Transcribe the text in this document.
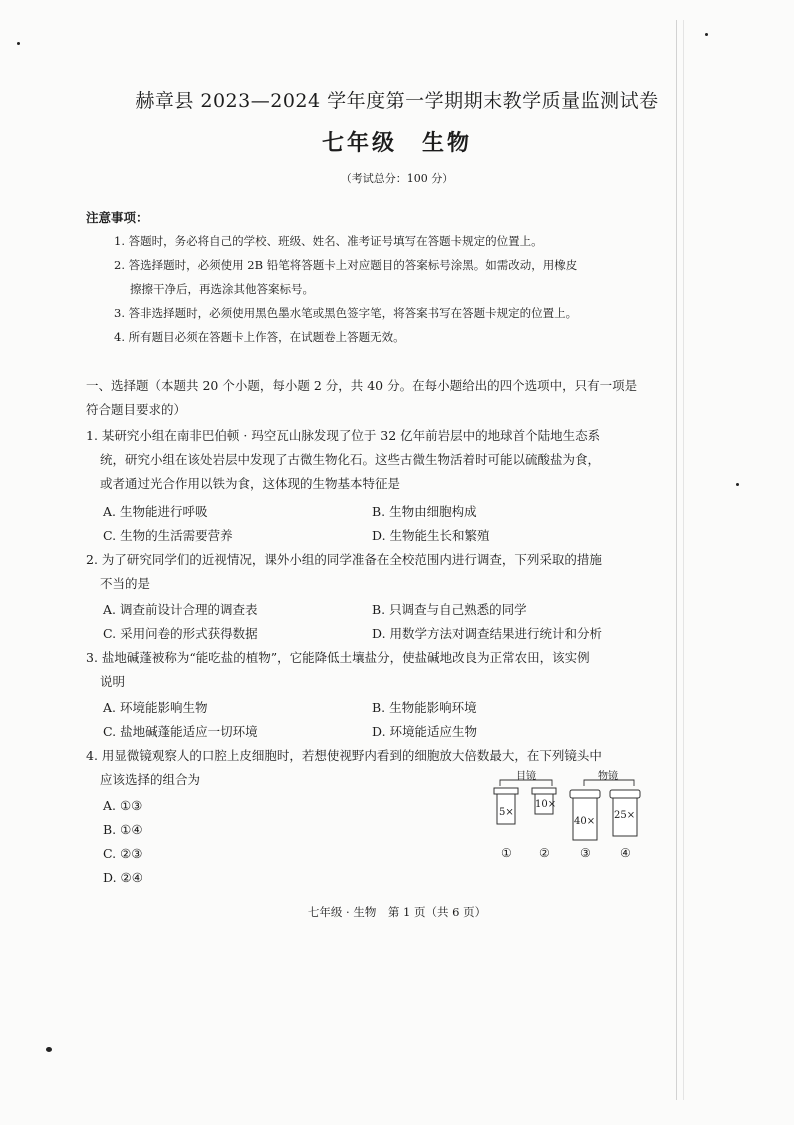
赫章县 2023—2024 学年度第一学期期末教学质量监测试卷
七年级　生物
（考试总分：100 分）
注意事项：
1. 答题时，务必将自己的学校、班级、姓名、准考证号填写在答题卡规定的位置上。
2. 答选择题时，必须使用 2B 铅笔将答题卡上对应题目的答案标号涂黑。如需改动，用橡皮
擦擦干净后，再选涂其他答案标号。
3. 答非选择题时，必须使用黑色墨水笔或黑色签字笔，将答案书写在答题卡规定的位置上。
4. 所有题目必须在答题卡上作答，在试题卷上答题无效。
一、选择题（本题共 20 个小题，每小题 2 分，共 40 分。在每小题给出的四个选项中，只有一项是
符合题目要求的）
1. 某研究小组在南非巴伯顿 · 玛空瓦山脉发现了位于 32 亿年前岩层中的地球首个陆地生态系
统，研究小组在该处岩层中发现了古微生物化石。这些古微生物活着时可能以硫酸盐为食，
或者通过光合作用以铁为食，这体现的生物基本特征是
A. 生物能进行呼吸	B. 生物由细胞构成
C. 生物的生活需要营养	D. 生物能生长和繁殖
2. 为了研究同学们的近视情况，课外小组的同学准备在全校范围内进行调查，下列采取的措施
不当的是
A. 调查前设计合理的调查表	B. 只调查与自己熟悉的同学
C. 采用问卷的形式获得数据	D. 用数学方法对调查结果进行统计和分析
3. 盐地碱蓬被称为“能吃盐的植物”，它能降低土壤盐分，使盐碱地改良为正常农田，该实例
说明
A. 环境能影响生物	B. 生物能影响环境
C. 盐地碱蓬能适应一切环境	D. 环境能适应生物
4. 用显微镜观察人的口腔上皮细胞时，若想使视野内看到的细胞放大倍数最大，在下列镜头中
应该选择的组合为
A. ①③
B. ①④
C. ②③
D. ②④
目镜	物镜
5×
10×
40×
25×
① ②	③ ④
七年级 · 生物　第 1 页（共 6 页）
